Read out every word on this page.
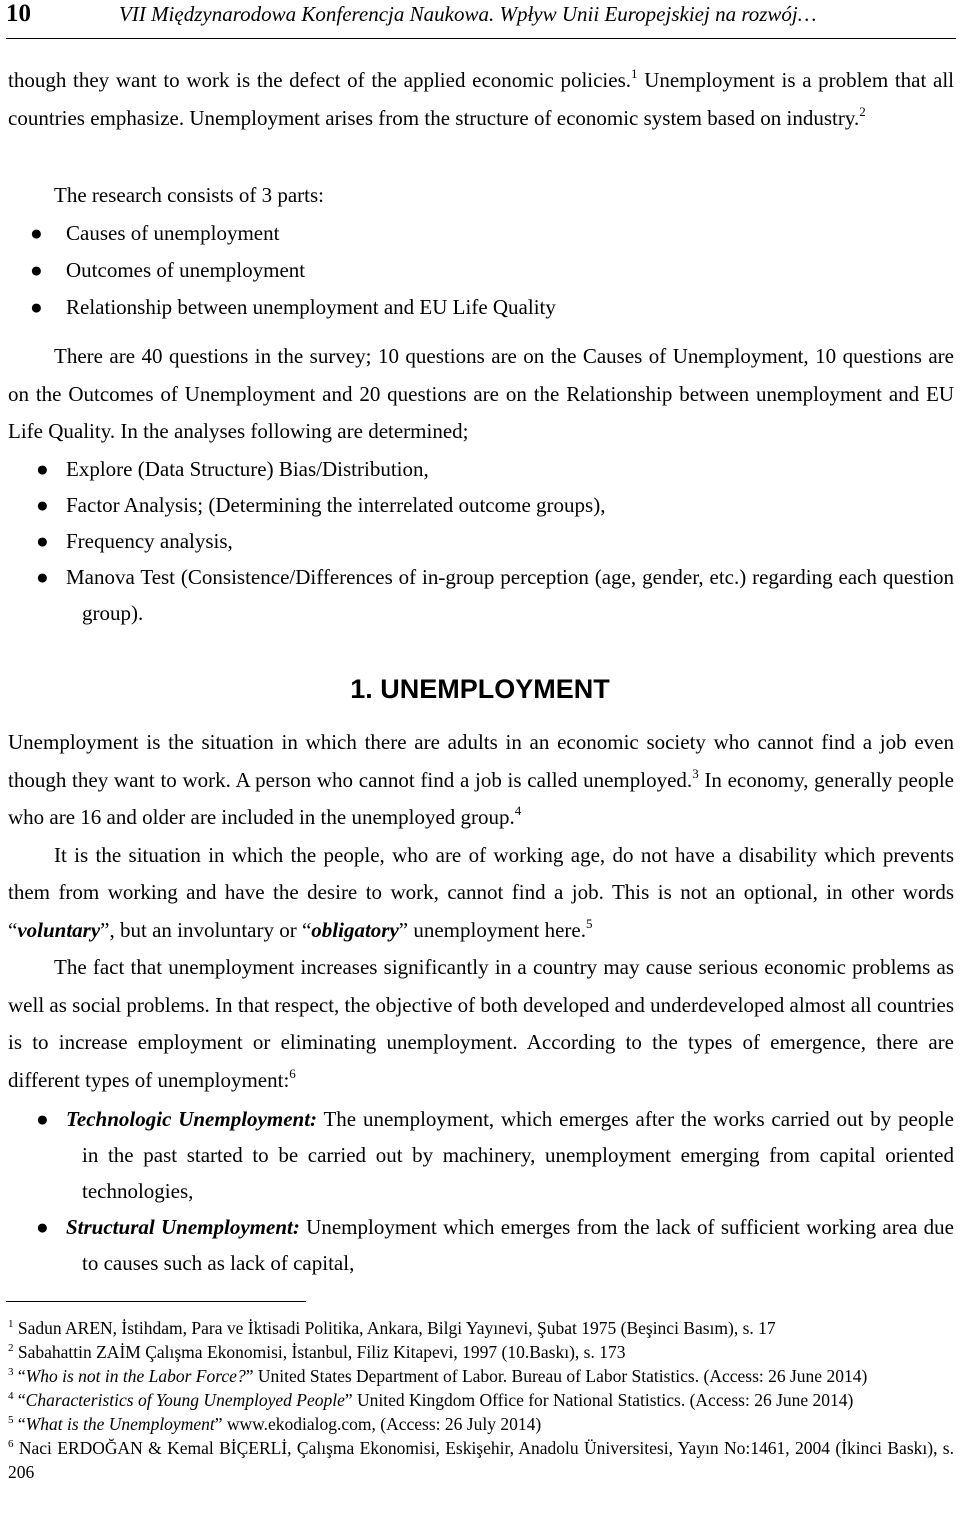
10	VII Międzynarodowa Konferencja Naukowa. Wpływ Unii Europejskiej na rozwój…

though they want to work is the defect of the applied economic policies.$^1$ Unemployment is a problem that all countries emphasize. Unemployment arises from the structure of economic system based on industry.$^2$

The research consists of 3 parts:

● Causes of unemployment
● Outcomes of unemployment
● Relationship between unemployment and EU Life Quality

There are 40 questions in the survey; 10 questions are on the Causes of Unemployment, 10 questions are on the Outcomes of Unemployment and 20 questions are on the Relationship between unemployment and EU Life Quality. In the analyses following are determined;

● Explore (Data Structure) Bias/Distribution,
● Factor Analysis; (Determining the interrelated outcome groups),
● Frequency analysis,
● Manova Test (Consistence/Differences of in-group perception (age, gender, etc.) regarding each question group).
1. UNEMPLOYMENT

Unemployment is the situation in which there are adults in an economic society who cannot find a job even though they want to work. A person who cannot find a job is called unemployed.$^3$ In economy, generally people who are 16 and older are included in the unemployed group.$^4$

It is the situation in which the people, who are of working age, do not have a disability which prevents them from working and have the desire to work, cannot find a job. This is not an optional, in other words “voluntary”, but an involuntary or “obligatory” unemployment here.$^5$

The fact that unemployment increases significantly in a country may cause serious economic problems as well as social problems. In that respect, the objective of both developed and underdeveloped almost all countries is to increase employment or eliminating unemployment. According to the types of emergence, there are different types of unemployment:$^6$

● Technologic Unemployment: The unemployment, which emerges after the works carried out by people in the past started to be carried out by machinery, unemployment emerging from capital oriented technologies,
● Structural Unemployment: Unemployment which emerges from the lack of sufficient working area due to causes such as lack of capital,
$^1$ Sadun AREN, İstihdam, Para ve İktisadi Politika, Ankara, Bilgi Yayınevi, Şubat 1975 (Beşinci Basım), s. 17
$^2$ Sabahattin ZAİM Çalışma Ekonomisi, İstanbul, Filiz Kitapevi, 1997 (10.Baskı), s. 173
$^3$ “Who is not in the Labor Force?” United States Department of Labor. Bureau of Labor Statistics. (Access: 26 June 2014)
$^4$ “Characteristics of Young Unemployed People” United Kingdom Office for National Statistics. (Access: 26 June 2014)
$^5$ “What is the Unemployment” www.ekodialog.com, (Access: 26 July 2014)
$^6$ Naci ERDOĞAN & Kemal BİÇERLİ, Çalışma Ekonomisi, Eskişehir, Anadolu Üniversitesi, Yayın No:1461, 2004 (İkinci Baskı), s. 206
